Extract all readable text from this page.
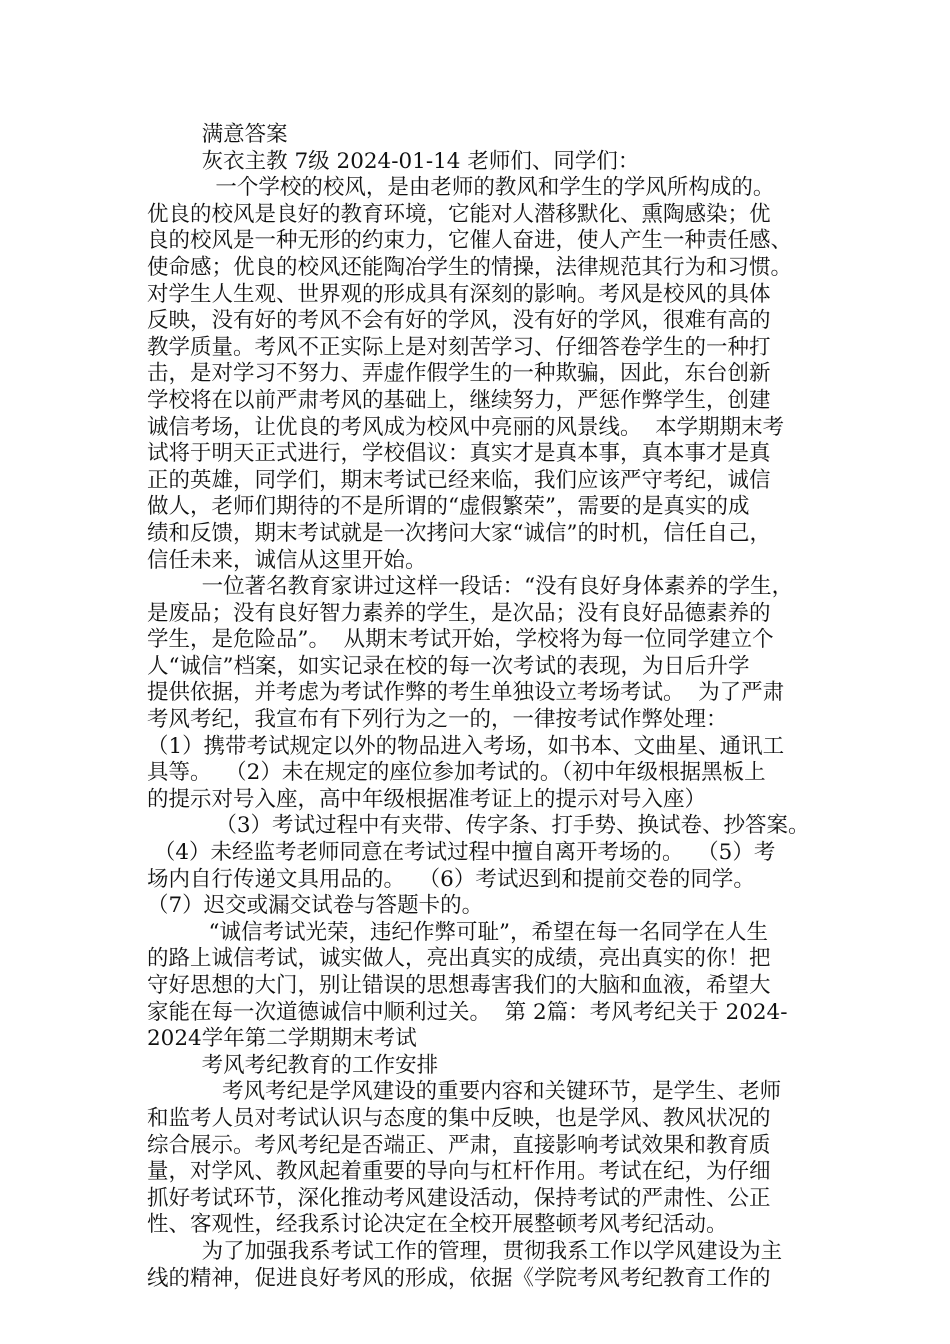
满意答案
灰衣主教 7级 2024-01-14 老师们、同学们：
一个学校的校风，是由老师的教风和学生的学风所构成的。
优良的校风是良好的教育环境，它能对人潜移默化、熏陶感染；优
良的校风是一种无形的约束力，它催人奋进，使人产生一种责任感、
使命感；优良的校风还能陶冶学生的情操，法律规范其行为和习惯。
对学生人生观、世界观的形成具有深刻的影响。考风是校风的具体
反映，没有好的考风不会有好的学风，没有好的学风，很难有高的
教学质量。考风不正实际上是对刻苦学习、仔细答卷学生的一种打
击，是对学习不努力、弄虚作假学生的一种欺骗，因此，东台创新
学校将在以前严肃考风的基础上，继续努力，严惩作弊学生，创建
诚信考场，让优良的考风成为校风中亮丽的风景线。  本学期期末考
试将于明天正式进行，学校倡议：真实才是真本事，真本事才是真
正的英雄，同学们，期末考试已经来临，我们应该严守考纪，诚信
做人，老师们期待的不是所谓的“虚假繁荣”，需要的是真实的成
绩和反馈，期末考试就是一次拷问大家“诚信”的时机，信任自己，
信任未来，诚信从这里开始。
一位著名教育家讲过这样一段话：“没有良好身体素养的学生，
是废品；没有良好智力素养的学生，是次品；没有良好品德素养的
学生，是危险品”。  从期末考试开始，学校将为每一位同学建立个
人“诚信”档案，如实记录在校的每一次考试的表现，为日后升学
提供依据，并考虑为考试作弊的考生单独设立考场考试。  为了严肃
考风考纪，我宣布有下列行为之一的，一律按考试作弊处理：
（1）携带考试规定以外的物品进入考场，如书本、文曲星、通讯工
具等。  （2）未在规定的座位参加考试的。（初中年级根据黑板上
的提示对号入座，高中年级根据准考证上的提示对号入座）
（3）考试过程中有夹带、传字条、打手势、换试卷、抄答案。
（4）未经监考老师同意在考试过程中擅自离开考场的。  （5）考
场内自行传递文具用品的。  （6）考试迟到和提前交卷的同学。
（7）迟交或漏交试卷与答题卡的。
“诚信考试光荣，违纪作弊可耻”，希望在每一名同学在人生
的路上诚信考试，诚实做人，亮出真实的成绩，亮出真实的你！把
守好思想的大门，别让错误的思想毒害我们的大脑和血液，希望大
家能在每一次道德诚信中顺利过关。  第 2篇：考风考纪关于 2024-
2024学年第二学期期末考试
考风考纪教育的工作安排
考风考纪是学风建设的重要内容和关键环节，是学生、老师
和监考人员对考试认识与态度的集中反映，也是学风、教风状况的
综合展示。考风考纪是否端正、严肃，直接影响考试效果和教育质
量，对学风、教风起着重要的导向与杠杆作用。考试在纪，为仔细
抓好考试环节，深化推动考风建设活动，保持考试的严肃性、公正
性、客观性，经我系讨论决定在全校开展整顿考风考纪活动。
为了加强我系考试工作的管理，贯彻我系工作以学风建设为主
线的精神，促进良好考风的形成，依据《学院考风考纪教育工作的
